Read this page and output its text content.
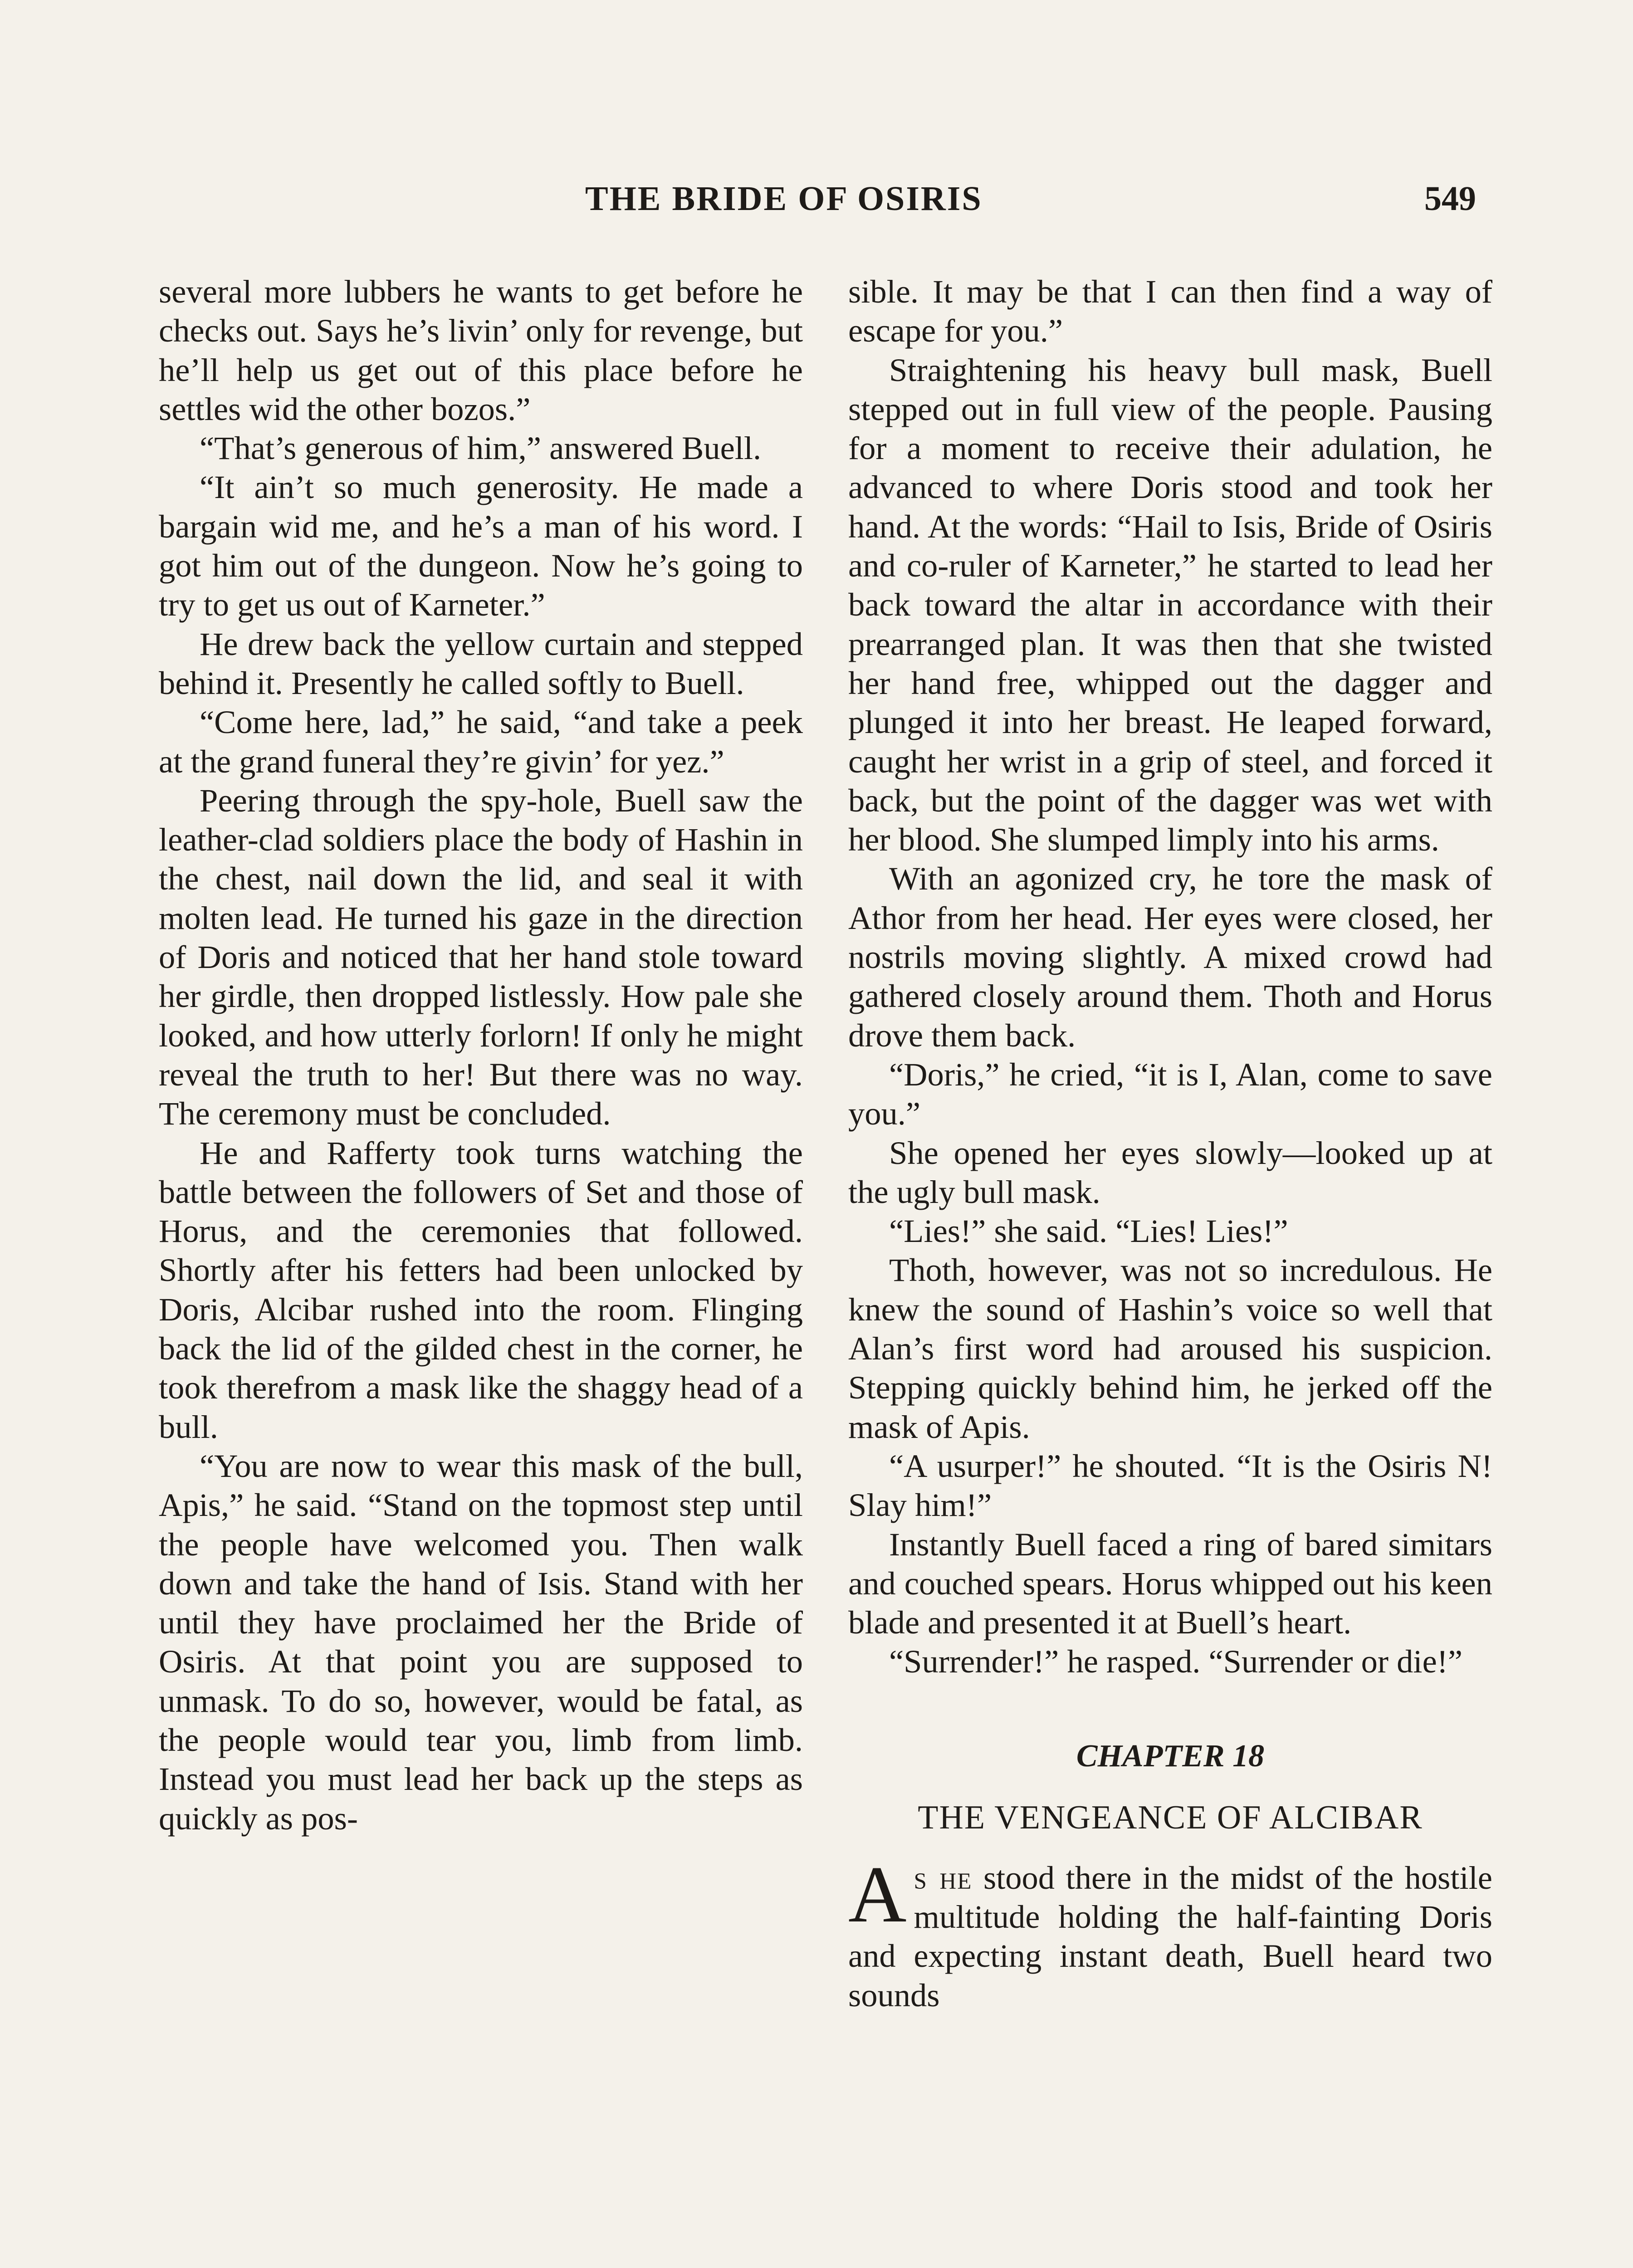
THE BRIDE OF OSIRIS	549

several more lubbers he wants to get before he checks out. Says he’s livin’ only for revenge, but he’ll help us get out of this place before he settles wid the other bozos.”

“That’s generous of him,” answered Buell.

“It ain’t so much generosity. He made a bargain wid me, and he’s a man of his word. I got him out of the dungeon. Now he’s going to try to get us out of Karneter.”

He drew back the yellow curtain and stepped behind it. Presently he called softly to Buell.

“Come here, lad,” he said, “and take a peek at the grand funeral they’re givin’ for yez.”

Peering through the spy-hole, Buell saw the leather-clad soldiers place the body of Hashin in the chest, nail down the lid, and seal it with molten lead. He turned his gaze in the direction of Doris and noticed that her hand stole toward her girdle, then dropped listlessly. How pale she looked, and how utterly forlorn! If only he might reveal the truth to her! But there was no way. The ceremony must be concluded.

He and Rafferty took turns watching the battle between the followers of Set and those of Horus, and the ceremonies that followed. Shortly after his fetters had been unlocked by Doris, Alcibar rushed into the room. Flinging back the lid of the gilded chest in the corner, he took therefrom a mask like the shaggy head of a bull.

“You are now to wear this mask of the bull, Apis,” he said. “Stand on the topmost step until the people have welcomed you. Then walk down and take the hand of Isis. Stand with her until they have proclaimed her the Bride of Osiris. At that point you are supposed to unmask. To do so, however, would be fatal, as the people would tear you, limb from limb. Instead you must lead her back up the steps as quickly as pos-

sible. It may be that I can then find a way of escape for you.”

Straightening his heavy bull mask, Buell stepped out in full view of the people. Pausing for a moment to receive their adulation, he advanced to where Doris stood and took her hand. At the words: “Hail to Isis, Bride of Osiris and co-ruler of Karneter,” he started to lead her back toward the altar in accordance with their prearranged plan. It was then that she twisted her hand free, whipped out the dagger and plunged it into her breast. He leaped forward, caught her wrist in a grip of steel, and forced it back, but the point of the dagger was wet with her blood. She slumped limply into his arms.

With an agonized cry, he tore the mask of Athor from her head. Her eyes were closed, her nostrils moving slightly. A mixed crowd had gathered closely around them. Thoth and Horus drove them back.

“Doris,” he cried, “it is I, Alan, come to save you.”

She opened her eyes slowly—looked up at the ugly bull mask.

“Lies!” she said. “Lies! Lies!”

Thoth, however, was not so incredulous. He knew the sound of Hashin’s voice so well that Alan’s first word had aroused his suspicion. Stepping quickly behind him, he jerked off the mask of Apis.

“A usurper!” he shouted. “It is the Osiris N! Slay him!”

Instantly Buell faced a ring of bared simitars and couched spears. Horus whipped out his keen blade and presented it at Buell’s heart.

“Surrender!” he rasped. “Surrender or die!”

CHAPTER 18
THE VENGEANCE OF ALCIBAR

As he stood there in the midst of the hostile multitude holding the half-fainting Doris and expecting instant death, Buell heard two sounds
